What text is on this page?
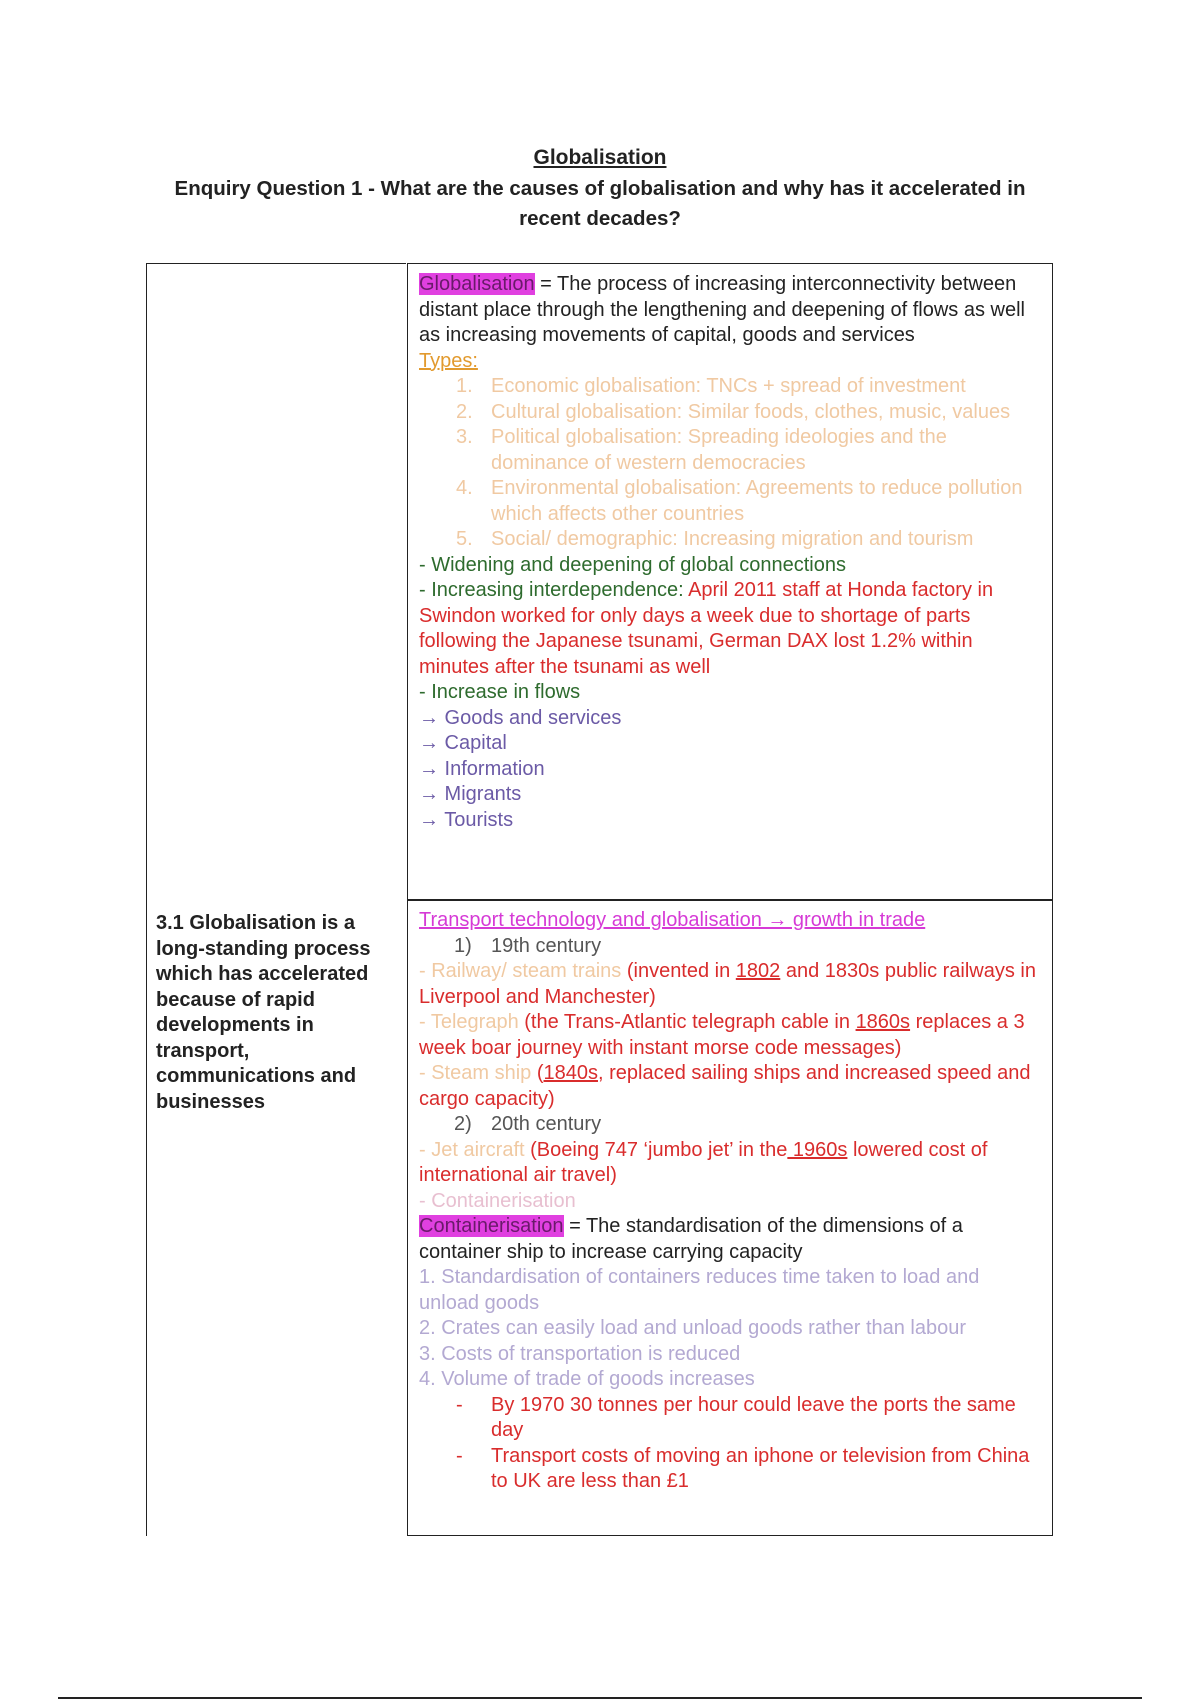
Globalisation
Enquiry Question 1 - What are the causes of globalisation and why has it accelerated in recent decades?
3.1 Globalisation is a long-standing process which has accelerated because of rapid developments in transport, communications and businesses
Globalisation = The process of increasing interconnectivity between distant place through the lengthening and deepening of flows as well as increasing movements of capital, goods and services
Types:
1. Economic globalisation: TNCs + spread of investment
2. Cultural globalisation: Similar foods, clothes, music, values
3. Political globalisation: Spreading ideologies and the dominance of western democracies
4. Environmental globalisation: Agreements to reduce pollution which affects other countries
5. Social/ demographic: Increasing migration and tourism
- Widening and deepening of global connections
- Increasing interdependence: April 2011 staff at Honda factory in Swindon worked for only days a week due to shortage of parts following the Japanese tsunami, German DAX lost 1.2% within minutes after the tsunami as well
- Increase in flows
→ Goods and services
→ Capital
→ Information
→ Migrants
→ Tourists
Transport technology and globalisation → growth in trade
1) 19th century
- Railway/ steam trains (invented in 1802 and 1830s public railways in Liverpool and Manchester)
- Telegraph (the Trans-Atlantic telegraph cable in 1860s replaces a 3 week boar journey with instant morse code messages)
- Steam ship (1840s, replaced sailing ships and increased speed and cargo capacity)
2) 20th century
- Jet aircraft (Boeing 747 ‘jumbo jet’ in the 1960s lowered cost of international air travel)
- Containerisation
Containerisation = The standardisation of the dimensions of a container ship to increase carrying capacity
1. Standardisation of containers reduces time taken to load and unload goods
2. Crates can easily load and unload goods rather than labour
3. Costs of transportation is reduced
4. Volume of trade of goods increases
- By 1970 30 tonnes per hour could leave the ports the same day
- Transport costs of moving an iphone or television from China to UK are less than £1
